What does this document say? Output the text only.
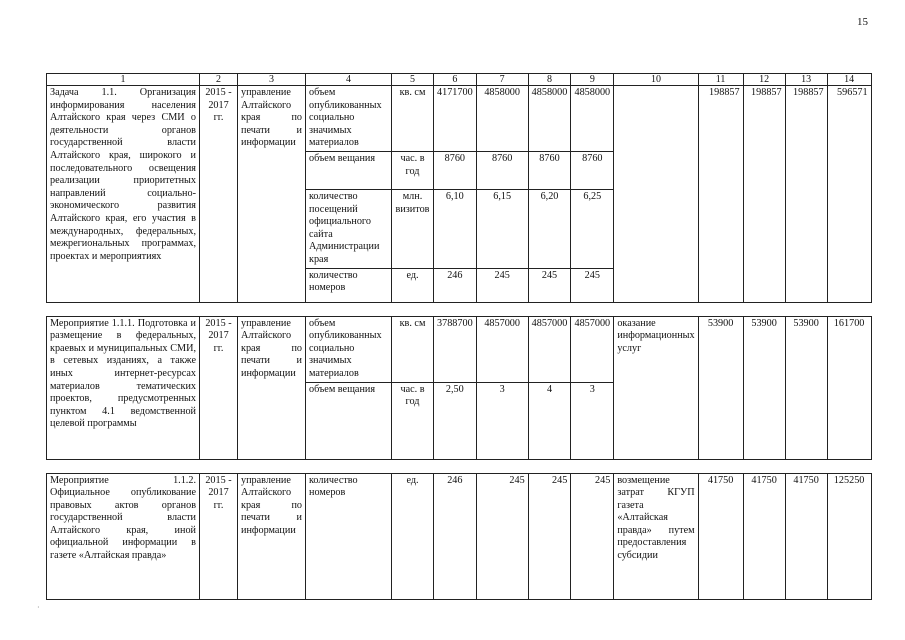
15
1	2	3	4	5	6	7	8	9	10	11	12	13	14
Задача 1.1. Организация информирования населения Алтайского края через СМИ о деятельности органов государственной власти Алтайского края, широкого и последовательного освещения реализации приоритетных направлений социально-экономического развития Алтайского края, его участия в международных, федеральных, межрегиональных программах, проектах и мероприятиях	2015 - 2017 гг.	управление Алтайского края по печати и информации	объем опубликованных социально значимых материалов	кв. см	4171700	4858000	4858000	4858000		198857	198857	198857	596571
			объем вещания	час. в год	8760	8760	8760	8760					
			количество посещений официального сайта Администрации края	млн. визитов	6,10	6,15	6,20	6,25					
			количество номеров	ед.	246	245	245	245					

Мероприятие 1.1.1. Подготовка и размещение в федеральных, краевых и муниципальных СМИ, в сетевых изданиях, а также иных интернет-ресурсах материалов тематических проектов, предусмотренных пунктом 4.1 ведомственной целевой программы	2015 - 2017 гг.	управление Алтайского края по печати и информации	объем опубликованных социально значимых материалов	кв. см	3788700	4857000	4857000	4857000	оказание информационных услуг	53900	53900	53900	161700
			объем вещания	час. в год	2,50	3	4	3					

Мероприятие 1.1.2. Официальное опубликование правовых актов органов государственной власти Алтайского края, иной официальной информации в газете «Алтайская правда»	2015 - 2017 гг.	управление Алтайского края по печати и информации	количество номеров	ед.	246	245	245	245	возмещение затрат КГУП газета «Алтайская правда» путем предоставления субсидии	41750	41750	41750	125250
·
